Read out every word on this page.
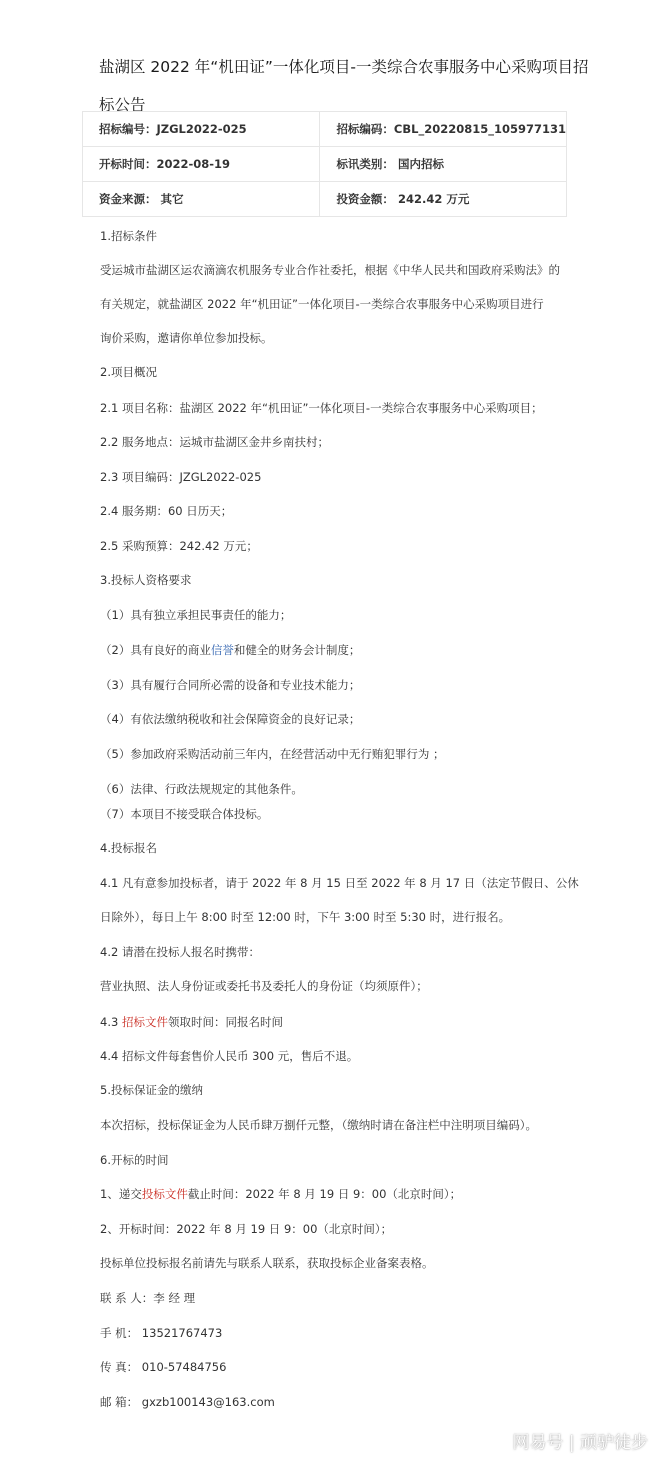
盐湖区 2022 年“机田证”一体化项目-一类综合农事服务中心采购项目招标公告
招标编号：JZGL2022-025	招标编码：CBL_20220815_105977131
开标时间：2022-08-19	标讯类别： 国内招标
资金来源： 其它	投资金额： 242.42 万元

1.招标条件

受运城市盐湖区运农滴滴农机服务专业合作社委托，根据《中华人民共和国政府采购法》的

有关规定，就盐湖区 2022 年“机田证”一体化项目-一类综合农事服务中心采购项目进行

询价采购，邀请你单位参加投标。

2.项目概况

2.1 项目名称：盐湖区 2022 年“机田证”一体化项目-一类综合农事服务中心采购项目；

2.2 服务地点：运城市盐湖区金井乡南扶村；

2.3 项目编码：JZGL2022-025

2.4 服务期：60 日历天；

2.5 采购预算：242.42 万元；

3.投标人资格要求

（1）具有独立承担民事责任的能力；

（2）具有良好的商业信誉和健全的财务会计制度；

（3）具有履行合同所必需的设备和专业技术能力；

（4）有依法缴纳税收和社会保障资金的良好记录；

（5）参加政府采购活动前三年内，在经营活动中无行贿犯罪行为 ；

（6）法律、行政法规规定的其他条件。

（7）本项目不接受联合体投标。

4.投标报名

4.1 凡有意参加投标者，请于 2022 年 8 月 15 日至 2022 年 8 月 17 日（法定节假日、公休

日除外），每日上午 8:00 时至 12:00 时，下午 3:00 时至 5:30 时，进行报名。

4.2 请潜在投标人报名时携带：

营业执照、法人身份证或委托书及委托人的身份证（均须原件）；

4.3 招标文件领取时间：同报名时间

4.4 招标文件每套售价人民币 300 元，售后不退。

5.投标保证金的缴纳

本次招标，投标保证金为人民币肆万捌仟元整，（缴纳时请在备注栏中注明项目编码）。

6.开标的时间

1、递交投标文件截止时间：2022 年 8 月 19 日 9：00（北京时间）；

2、开标时间：2022 年 8 月 19 日 9：00（北京时间）；

投标单位投标报名前请先与联系人联系，获取投标企业备案表格。

联 系 人：李 经 理

手 机： 13521767473

传 真： 010-57484756

邮 箱： gxzb100143@163.com

网易号 | 顽驴徒步
